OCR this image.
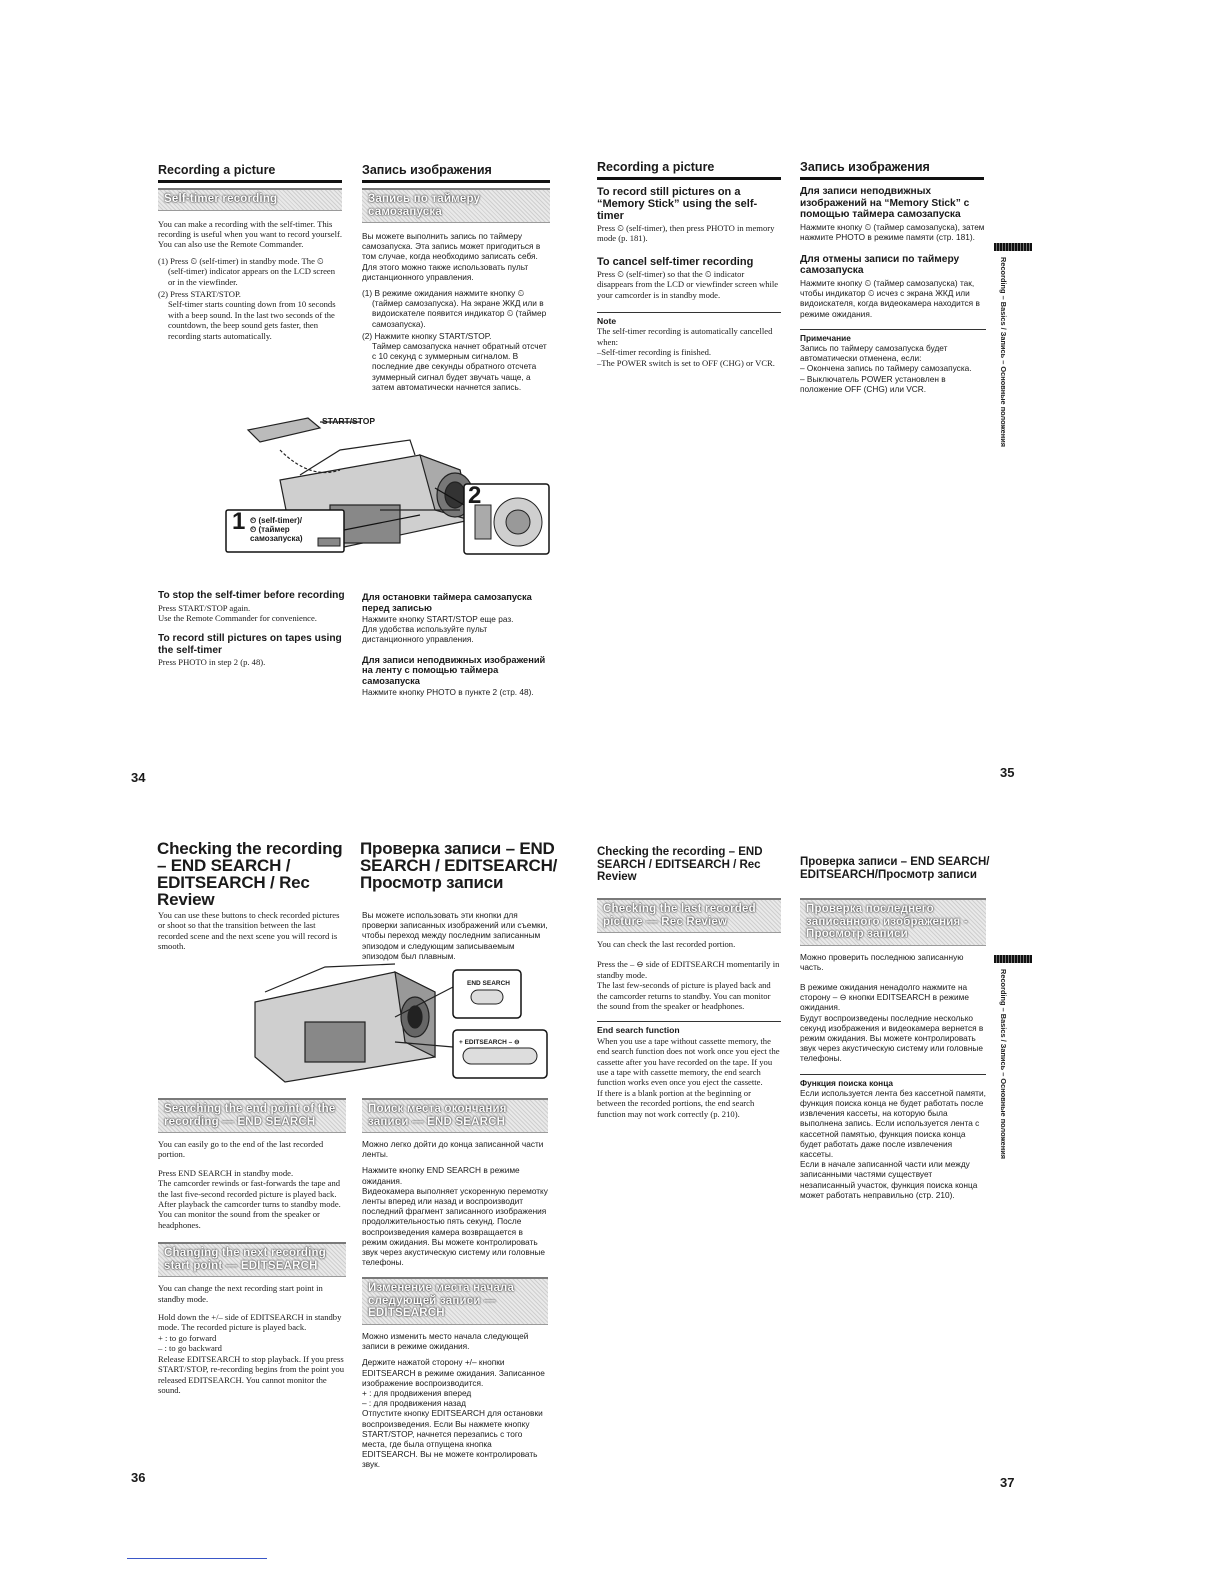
Recording a picture	Запись изображения
Self-timer recording

You can make a recording with the self-timer. This recording is useful when you want to record yourself. You can also use the Remote Commander.

(1) Press ⏲ (self-timer) in standby mode. The ⏲ (self-timer) indicator appears on the LCD screen or in the viewfinder.

(2) Press START/STOP.
Self-timer starts counting down from 10 seconds with a beep sound. In the last two seconds of the countdown, the beep sound gets faster, then recording starts automatically.

Запись по таймеру
самозапуска

Вы можете выполнить запись по таймеру самозапуска. Эта запись может пригодиться в том случае, когда необходимо записать себя. Для этого можно также использовать пульт дистанционного управления.

(1) В режиме ожидания нажмите кнопку ⏲ (таймер самозапуска). На экране ЖКД или в видоискателе появится индикатор ⏲ (таймер самозапуска).

(2) Нажмите кнопку START/STOP.
Таймер самозапуска начнет обратный отсчет с 10 секунд с зуммерным сигналом. В последние две секунды обратного отсчета зуммерный сигнал будет звучать чаще, а затем автоматически начнется запись.

START/STOP
1 ⏲ (self-timer)/
⏲ (таймер
самозапуска)
2
To stop the self-timer before recording

Press START/STOP again.
Use the Remote Commander for convenience.

To record still pictures on tapes using the self-timer

Press PHOTO in step 2 (p. 48).

Для остановки таймера самозапуска перед записью

Нажмите кнопку START/STOP еще раз.
Для удобства используйте пульт дистанционного управления.

Для записи неподвижных изображений на ленту с помощью таймера самозапуска

Нажмите кнопку PHOTO в пункте 2 (стр. 48).

34
Recording a picture	Запись изображения
To record still pictures on a “Memory Stick” using the self-timer

Press ⏲ (self-timer), then press PHOTO in memory mode (p. 181).

To cancel self-timer recording

Press ⏲ (self-timer) so that the ⏲ indicator disappears from the LCD or viewfinder screen while your camcorder is in standby mode.

Note

The self-timer recording is automatically cancelled when:
–Self-timer recording is finished.
–The POWER switch is set to OFF (CHG) or VCR.

Для записи неподвижных изображений на “Memory Stick” с помощью таймера самозапуска

Нажмите кнопку ⏲ (таймер самозапуска), затем нажмите PHOTO в режиме памяти (стр. 181).

Для отмены записи по таймеру самозапуска

Нажмите кнопку ⏲ (таймер самозапуска) так, чтобы индикатор ⏲ исчез с экрана ЖКД или видоискателя, когда видеокамера находится в режиме ожидания.

Примечание

Запись по таймеру самозапуска будет автоматически отменена, если:
– Окончена запись по таймеру самозапуска.
– Выключатель POWER установлен в положение OFF (CHG) или VCR.	Recording – Basics / Запись – Основные положения
35
Checking the recording – END SEARCH / EDITSEARCH / Rec Review
Проверка записи – END SEARCH / EDITSEARCH/ Просмотр записи

You can use these buttons to check recorded pictures or shoot so that the transition between the last recorded scene and the next scene you will record is smooth.

Вы можете использовать эти кнопки для проверки записанных изображений или съемки, чтобы переход между последним записанным эпизодом и следующим записываемым эпизодом был плавным.

END SEARCH
+ EDITSEARCH – ⊖
Searching the end point of the recording — END SEARCH

You can easily go to the end of the last recorded portion.

Press END SEARCH in standby mode.
The camcorder rewinds or fast-forwards the tape and the last five-second recorded picture is played back. After playback the camcorder turns to standby mode. You can monitor the sound from the speaker or headphones.

Changing the next recording start point — EDITSEARCH

You can change the next recording start point in standby mode.

Hold down the +/– side of EDITSEARCH in standby mode. The recorded picture is played back.
+ : to go forward
– : to go backward
Release EDITSEARCH to stop playback. If you press START/STOP, re-recording begins from the point you released EDITSEARCH. You cannot monitor the sound.

Поиск места окончания записи — END SEARCH

Можно легко дойти до конца записанной части ленты.

Нажмите кнопку END SEARCH в режиме ожидания.
Видеокамера выполняет ускоренную перемотку ленты вперед или назад и воспроизводит последний фрагмент записанного изображения продолжительностью пять секунд. После воспроизведения камера возвращается в режим ожидания. Вы можете контролировать звук через акустическую систему или головные телефоны.

Изменение места начала следующей записи — EDITSEARCH

Можно изменить место начала следующей записи в режиме ожидания.

Держите нажатой сторону +/– кнопки EDITSEARCH в режиме ожидания. Записанное изображение воспроизводится.
+ : для продвижения вперед
– : для продвижения назад
Отпустите кнопку EDITSEARCH для остановки воспроизведения. Если Вы нажмете кнопку START/STOP, начнется перезапись с того места, где была отпущена кнопка EDITSEARCH. Вы не можете контролировать звук.

36
Checking the recording – END SEARCH / EDITSEARCH / Rec Review
Проверка записи – END SEARCH/ EDITSEARCH/Просмотр записи
Checking the last recorded picture — Rec Review

You can check the last recorded portion.

Press the – ⊖ side of EDITSEARCH momentarily in standby mode.
The last few-seconds of picture is played back and the camcorder returns to standby. You can monitor the sound from the speaker or headphones.

End search function

When you use a tape without cassette memory, the end search function does not work once you eject the cassette after you have recorded on the tape. If you use a tape with cassette memory, the end search function works even once you eject the cassette.
If there is a blank portion at the beginning or between the recorded portions, the end search function may not work correctly (p. 210).

Проверка последнего записанного изображения - Просмотр записи

Можно проверить последнюю записанную часть.

В режиме ожидания ненадолго нажмите на сторону – ⊖ кнопки EDITSEARCH в режиме ожидания.
Будут воспроизведены последние несколько секунд изображения и видеокамера вернется в режим ожидания. Вы можете контролировать звук через акустическую систему или головные телефоны.

Функция поиска конца

Если используется лента без кассетной памяти, функция поиска конца не будет работать после извлечения кассеты, на которую была выполнена запись. Если используется лента с кассетной памятью, функция поиска конца будет работать даже после извлечения кассеты.
Если в начале записанной части или между записанными частями существует незаписанный участок, функция поиска конца может работать неправильно (стр. 210).

Recording – Basics / Запись – Основные положения
37
